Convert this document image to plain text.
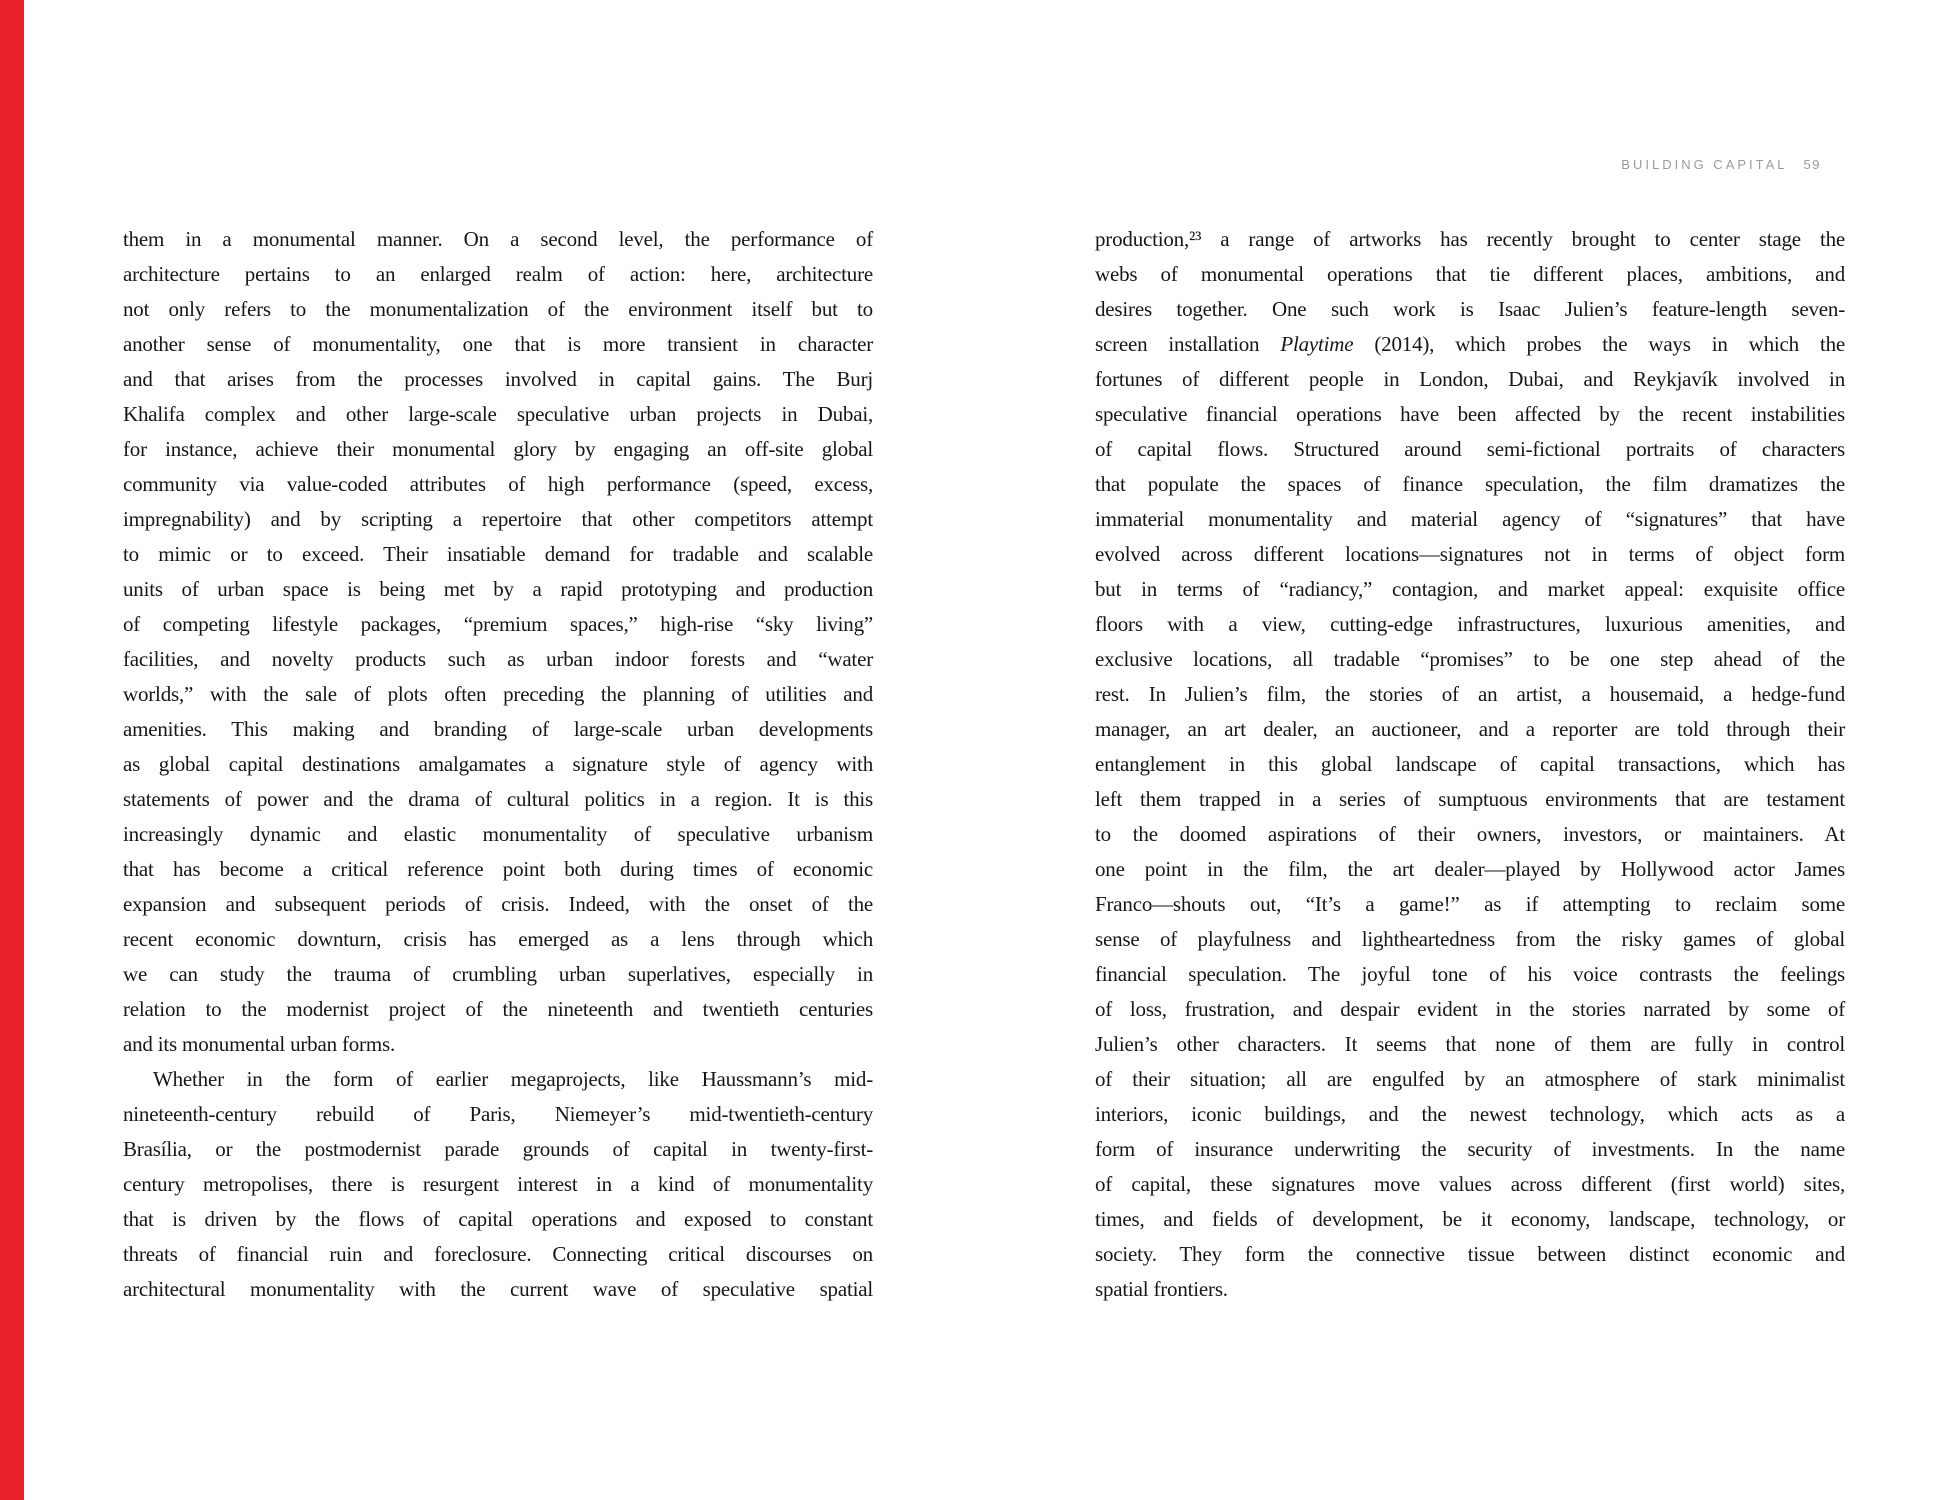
BUILDING CAPITAL 59
them in a monumental manner. On a second level, the performance of
architecture pertains to an enlarged realm of action: here, architecture
not only refers to the monumentalization of the environment itself but to
another sense of monumentality, one that is more transient in character
and that arises from the processes involved in capital gains. The Burj
Khalifa complex and other large-scale speculative urban projects in Dubai,
for instance, achieve their monumental glory by engaging an off-site global
community via value-coded attributes of high performance (speed, excess,
impregnability) and by scripting a repertoire that other competitors attempt
to mimic or to exceed. Their insatiable demand for tradable and scalable
units of urban space is being met by a rapid prototyping and production
of competing lifestyle packages, “premium spaces,” high-rise “sky living”
facilities, and novelty products such as urban indoor forests and “water
worlds,” with the sale of plots often preceding the planning of utilities and
amenities. This making and branding of large-scale urban developments
as global capital destinations amalgamates a signature style of agency with
statements of power and the drama of cultural politics in a region. It is this
increasingly dynamic and elastic monumentality of speculative urbanism
that has become a critical reference point both during times of economic
expansion and subsequent periods of crisis. Indeed, with the onset of the
recent economic downturn, crisis has emerged as a lens through which
we can study the trauma of crumbling urban superlatives, especially in
relation to the modernist project of the nineteenth and twentieth centuries
and its monumental urban forms.
Whether in the form of earlier megaprojects, like Haussmann’s mid-
nineteenth-century rebuild of Paris, Niemeyer’s mid-twentieth-century
Brasília, or the postmodernist parade grounds of capital in twenty-first-
century metropolises, there is resurgent interest in a kind of monumentality
that is driven by the flows of capital operations and exposed to constant
threats of financial ruin and foreclosure. Connecting critical discourses on
architectural monumentality with the current wave of speculative spatial
production,²³ a range of artworks has recently brought to center stage the
webs of monumental operations that tie different places, ambitions, and
desires together. One such work is Isaac Julien’s feature-length seven-
screen installation Playtime (2014), which probes the ways in which the
fortunes of different people in London, Dubai, and Reykjavík involved in
speculative financial operations have been affected by the recent instabilities
of capital flows. Structured around semi-fictional portraits of characters
that populate the spaces of finance speculation, the film dramatizes the
immaterial monumentality and material agency of “signatures” that have
evolved across different locations—signatures not in terms of object form
but in terms of “radiancy,” contagion, and market appeal: exquisite office
floors with a view, cutting-edge infrastructures, luxurious amenities, and
exclusive locations, all tradable “promises” to be one step ahead of the
rest. In Julien’s film, the stories of an artist, a housemaid, a hedge-fund
manager, an art dealer, an auctioneer, and a reporter are told through their
entanglement in this global landscape of capital transactions, which has
left them trapped in a series of sumptuous environments that are testament
to the doomed aspirations of their owners, investors, or maintainers. At
one point in the film, the art dealer—played by Hollywood actor James
Franco—shouts out, “It’s a game!” as if attempting to reclaim some
sense of playfulness and lightheartedness from the risky games of global
financial speculation. The joyful tone of his voice contrasts the feelings
of loss, frustration, and despair evident in the stories narrated by some of
Julien’s other characters. It seems that none of them are fully in control
of their situation; all are engulfed by an atmosphere of stark minimalist
interiors, iconic buildings, and the newest technology, which acts as a
form of insurance underwriting the security of investments. In the name
of capital, these signatures move values across different (first world) sites,
times, and fields of development, be it economy, landscape, technology, or
society. They form the connective tissue between distinct economic and
spatial frontiers.
